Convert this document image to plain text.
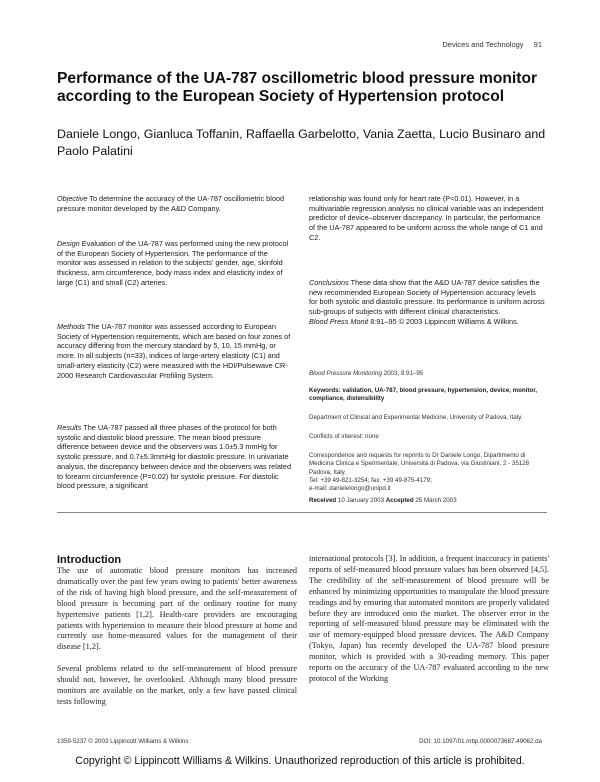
Devices and Technology 91
Performance of the UA-787 oscillometric blood pressure monitor according to the European Society of Hypertension protocol

Daniele Longo, Gianluca Toffanin, Raffaella Garbelotto, Vania Zaetta, Lucio Businaro and Paolo Palatini

Objective To determine the accuracy of the UA-787 oscillometric blood pressure monitor developed by the A&D Company.

Design Evaluation of the UA-787 was performed using the new protocol of the European Society of Hypertension. The performance of the monitor was assessed in relation to the subjects' gender, age, skinfold thickness, arm circumference, body mass index and elasticity index of large (C1) and small (C2) arteries.

Methods The UA-787 monitor was assessed according to European Society of Hypertension requirements, which are based on four zones of accuracy differing from the mercury standard by 5, 10, 15 mmHg, or more. In all subjects (n=33), indices of large-artery elasticity (C1) and small-artery elasticity (C2) were measured with the HDI/Pulsewave CR-2000 Research Cardiovascular Profiling System.

Results The UA-787 passed all three phases of the protocol for both systolic and diastolic blood pressure. The mean blood pressure difference between device and the observers was 1.0±5.3 mmHg for systolic pressure, and 0.7±5.3mmHg for diastolic pressure. In univariate analysis, the discrepancy between device and the observers was related to forearm circumference (P=0.02) for systolic pressure. For diastolic blood pressure, a significant

relationship was found only for heart rate (P<0.01). However, in a multivariable regression analysis no clinical variable was an independent predictor of device–observer discrepancy. In particular, the performance of the UA-787 appeared to be uniform across the whole range of C1 and C2.

Conclusions These data show that the A&D UA-787 device satisfies the new recommended European Society of Hypertension accuracy levels for both systolic and diastolic pressure. Its performance is uniform across sub-groups of subjects with different clinical characteristics.
Blood Press Monit 8:91–95 © 2003 Lippincott Williams & Wilkins.

Blood Pressure Monitoring 2003, 8:91–95

Keywords: validation, UA-787, blood pressure, hypertension, device, monitor, compliance, distensibility

Department of Clinical and Experimental Medicine, University of Padova, Italy.

Conflicts of interest: none

Correspondence and requests for reprints to Dr Daniele Longo, Dipartimento di Medicina Clinica e Sperimentale, Università di Padova, via Giustiniani, 2 - 35128 Padova, Italy.
Tel: +39 49-821-3254; fax: +39 49-875-4179;
e-mail: danielelongo@unipd.it

Received 10 January 2003 Accepted 25 March 2003

Introduction

The use of automatic blood pressure monitors has increased dramatically over the past few years owing to patients' better awareness of the risk of having high blood pressure, and the self-measurement of blood pressure is becoming part of the ordinary routine for many hypertensive patients [1,2]. Health-care providers are encouraging patients with hypertension to measure their blood pressure at home and currently use home-measured values for the management of their disease [1,2].

Several problems related to the self-measurement of blood pressure should not, however, be overlooked. Although many blood pressure monitors are available on the market, only a few have passed clinical tests following

international protocols [3]. In addition, a frequent inaccuracy in patients' reports of self-measured blood pressure values has been observed [4,5]. The credibility of the self-measurement of blood pressure will be enhanced by minimizing opportunities to manipulate the blood pressure readings and by ensuring that automated monitors are properly validated before they are introduced onto the market. The observer error in the reporting of self-measured blood pressure may be eliminated with the use of memory-equipped blood pressure devices. The A&D Company (Tokyo, Japan) has recently developed the UA-787 blood pressure monitor, which is provided with a 30-reading memory. This paper reports on the accuracy of the UA-787 evaluated according to the new protocol of the Working

1359-5237 © 2003 Lippincott Williams & Wilkins	DOI: 10.1097/01.mbp.0000073687.49062.da
Copyright © Lippincott Williams & Wilkins. Unauthorized reproduction of this article is prohibited.
